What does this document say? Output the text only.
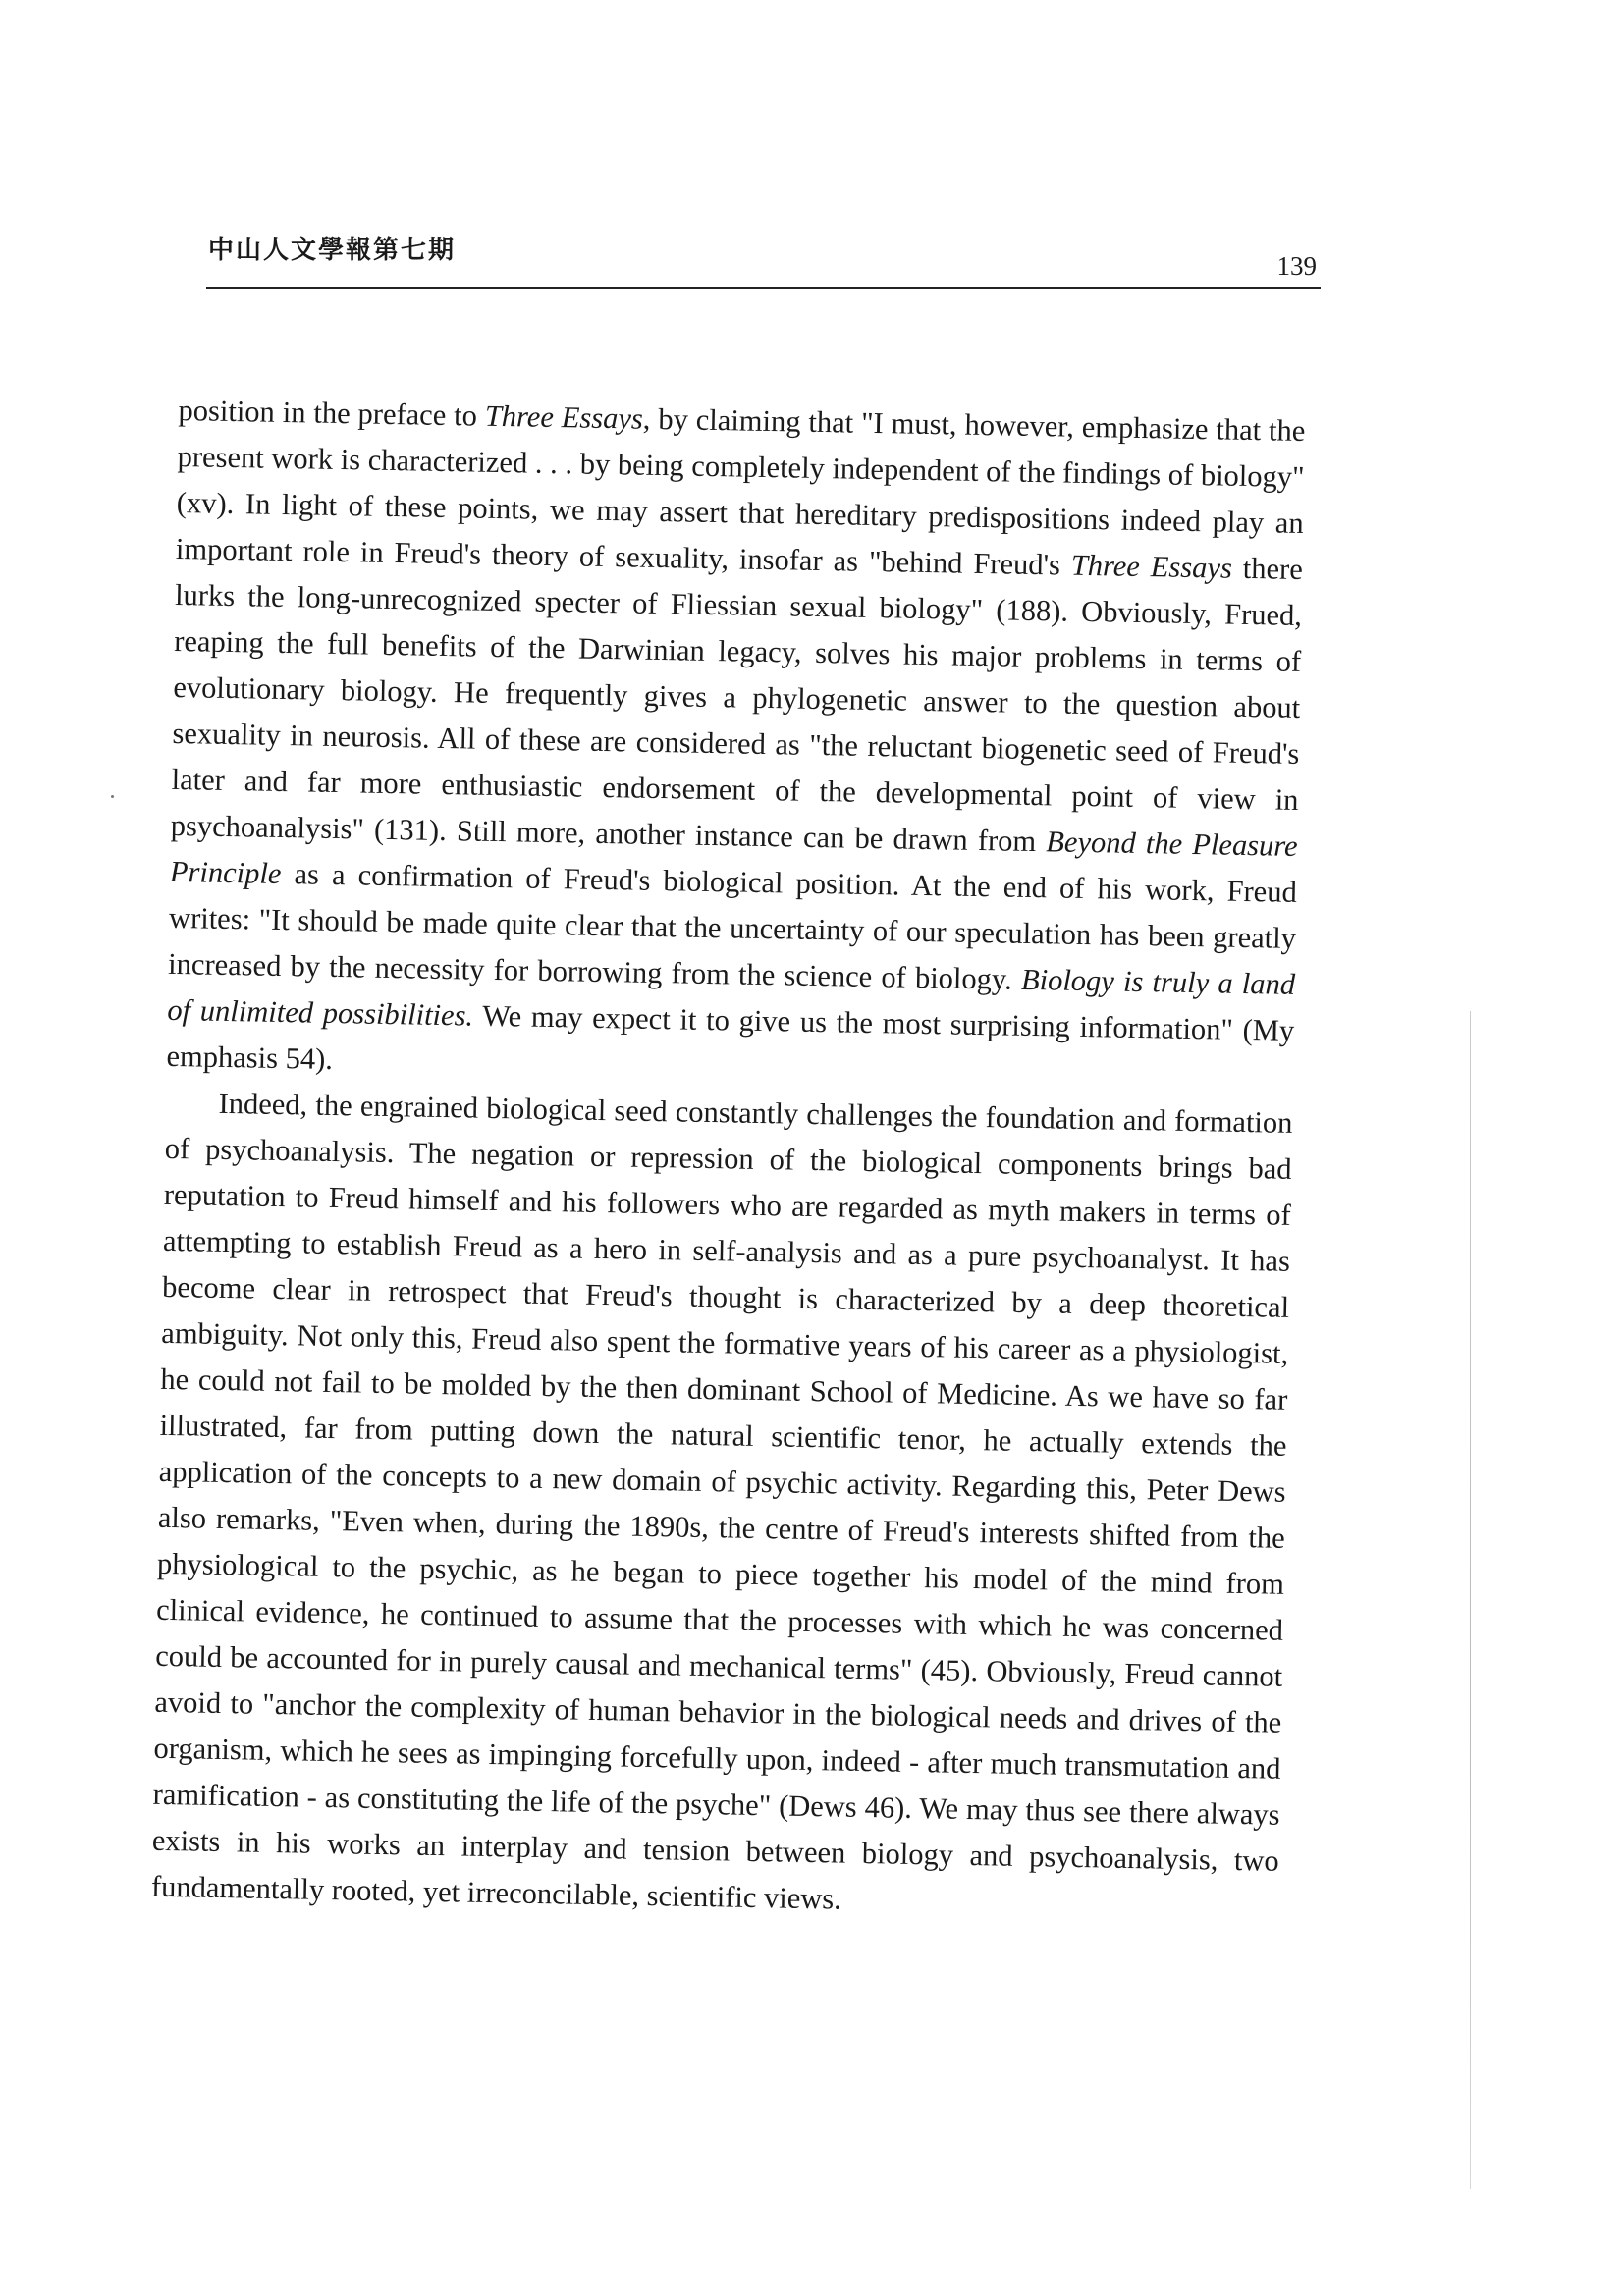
中山人文學報第七期
139

position in the preface to Three Essays, by claiming that "I must, however, emphasize that the present work is characterized . . . by being completely independent of the findings of biology" (xv). In light of these points, we may assert that hereditary predispositions indeed play an important role in Freud's theory of sexuality, insofar as "behind Freud's Three Essays there lurks the long-unrecognized specter of Fliessian sexual biology" (188). Obviously, Frued, reaping the full benefits of the Darwinian legacy, solves his major problems in terms of evolutionary biology. He frequently gives a phylogenetic answer to the question about sexuality in neurosis. All of these are considered as "the reluctant biogenetic seed of Freud's later and far more enthusiastic endorsement of the developmental point of view in psychoanalysis" (131). Still more, another instance can be drawn from Beyond the Pleasure Principle as a confirmation of Freud's biological position. At the end of his work, Freud writes: "It should be made quite clear that the uncertainty of our speculation has been greatly increased by the necessity for borrowing from the science of biology. Biology is truly a land of unlimited possibilities. We may expect it to give us the most surprising information" (My emphasis 54).

Indeed, the engrained biological seed constantly challenges the foundation and formation of psychoanalysis. The negation or repression of the biological components brings bad reputation to Freud himself and his followers who are regarded as myth makers in terms of attempting to establish Freud as a hero in self-analysis and as a pure psychoanalyst. It has become clear in retrospect that Freud's thought is characterized by a deep theoretical ambiguity. Not only this, Freud also spent the formative years of his career as a physiologist, he could not fail to be molded by the then dominant School of Medicine. As we have so far illustrated, far from putting down the natural scientific tenor, he actually extends the application of the concepts to a new domain of psychic activity. Regarding this, Peter Dews also remarks, "Even when, during the 1890s, the centre of Freud's interests shifted from the physiological to the psychic, as he began to piece together his model of the mind from clinical evidence, he continued to assume that the processes with which he was concerned could be accounted for in purely causal and mechanical terms" (45). Obviously, Freud cannot avoid to "anchor the complexity of human behavior in the biological needs and drives of the organism, which he sees as impinging forcefully upon, indeed - after much transmutation and ramification - as constituting the life of the psyche" (Dews 46). We may thus see there always exists in his works an interplay and tension between biology and psychoanalysis, two fundamentally rooted, yet irreconcilable, scientific views.
